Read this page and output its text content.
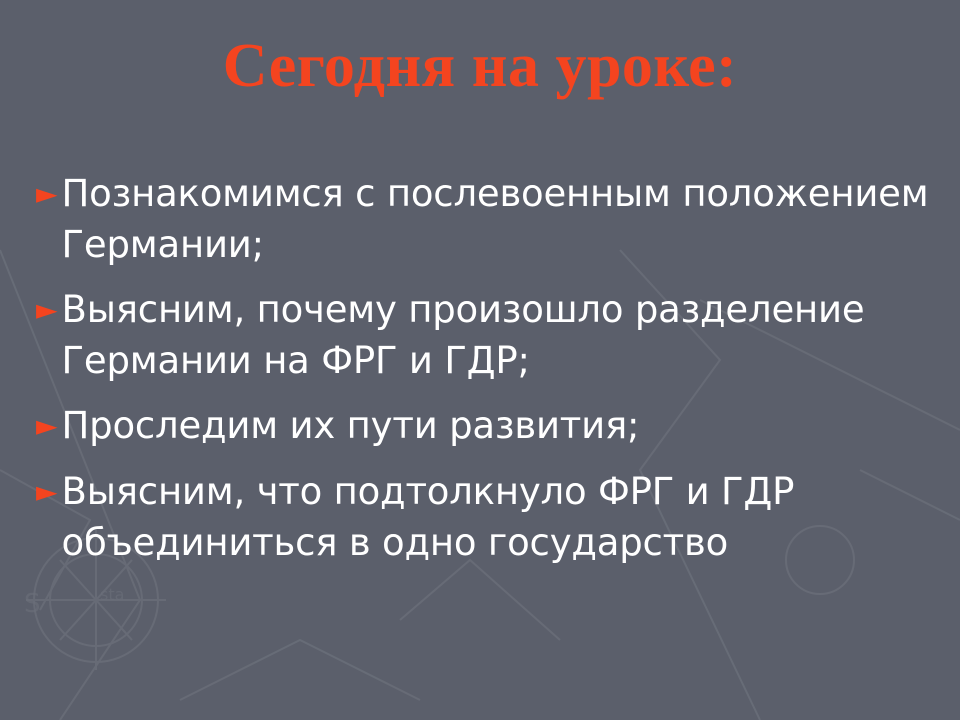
S	sta
Сегодня на уроке:
► Познакомимся с послевоенным положением Германии;
► Выясним, почему произошло разделение Германии на ФРГ и ГДР;
► Проследим их пути развития;
► Выясним, что подтолкнуло ФРГ и ГДР объединиться в одно государство
